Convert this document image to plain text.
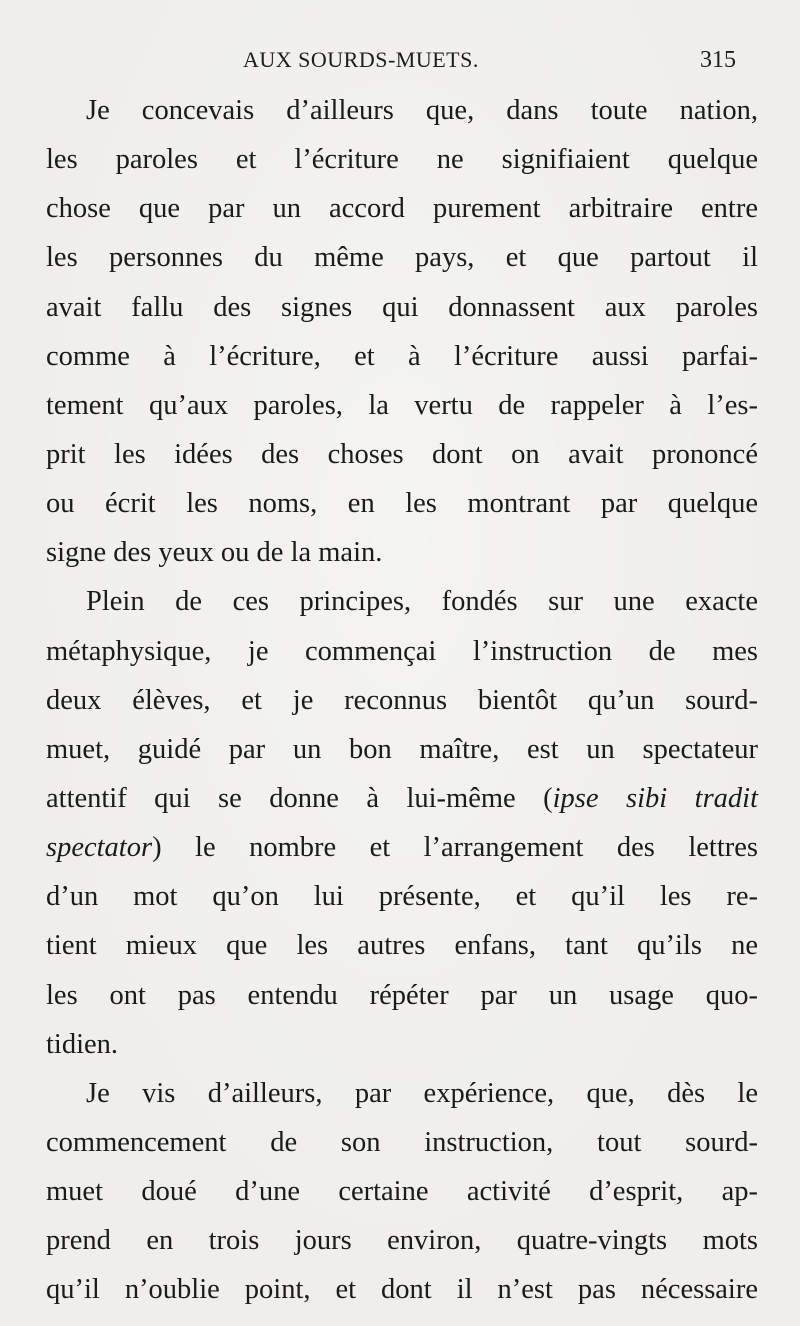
AUX SOURDS-MUETS.	315
Je concevais d’ailleurs que, dans toute nation,
les paroles et l’écriture ne signifiaient quelque
chose que par un accord purement arbitraire entre
les personnes du même pays, et que partout il
avait fallu des signes qui donnassent aux paroles
comme à l’écriture, et à l’écriture aussi parfai-
tement qu’aux paroles, la vertu de rappeler à l’es-
prit les idées des choses dont on avait prononcé
ou écrit les noms, en les montrant par quelque
signe des yeux ou de la main.
Plein de ces principes, fondés sur une exacte
métaphysique, je commençai l’instruction de mes
deux élèves, et je reconnus bientôt qu’un sourd-
muet, guidé par un bon maître, est un spectateur
attentif qui se donne à lui-même (ipse sibi tradit
spectator) le nombre et l’arrangement des lettres
d’un mot qu’on lui présente, et qu’il les re-
tient mieux que les autres enfans, tant qu’ils ne
les ont pas entendu répéter par un usage quo-
tidien.
Je vis d’ailleurs, par expérience, que, dès le
commencement de son instruction, tout sourd-
muet doué d’une certaine activité d’esprit, ap-
prend en trois jours environ, quatre-vingts mots
qu’il n’oublie point, et dont il n’est pas nécessaire
